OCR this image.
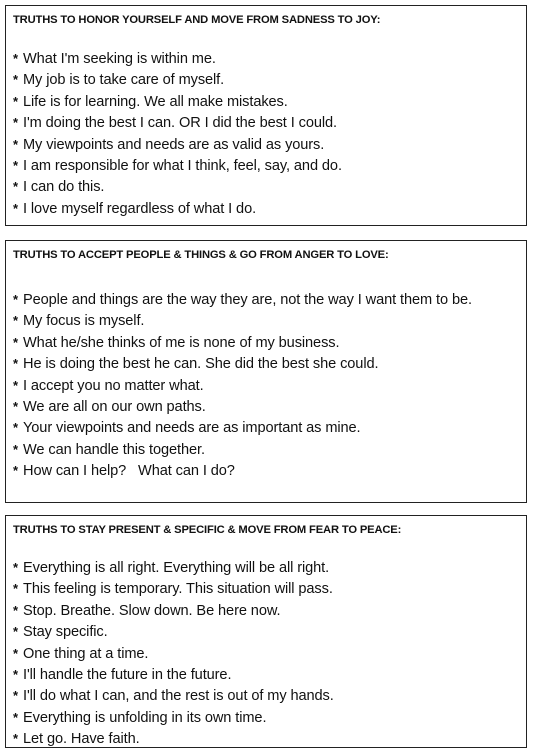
TRUTHS TO HONOR YOURSELF AND MOVE FROM SADNESS TO JOY:
* What I'm seeking is within me.
* My job is to take care of myself.
* Life is for learning. We all make mistakes.
* I'm doing the best I can. OR I did the best I could.
* My viewpoints and needs are as valid as yours.
* I am responsible for what I think, feel, say, and do.
* I can do this.
* I love myself regardless of what I do.
TRUTHS TO ACCEPT PEOPLE & THINGS & GO FROM ANGER TO LOVE:
* People and things are the way they are, not the way I want them to be.
* My focus is myself.
* What he/she thinks of me is none of my business.
* He is doing the best he can. She did the best she could.
* I accept you no matter what.
* We are all on our own paths.
* Your viewpoints and needs are as important as mine.
* We can handle this together.
* How can I help?   What can I do?
TRUTHS TO STAY PRESENT & SPECIFIC & MOVE FROM FEAR TO PEACE:
* Everything is all right. Everything will be all right.
* This feeling is temporary. This situation will pass.
* Stop. Breathe. Slow down. Be here now.
* Stay specific.
* One thing at a time.
* I'll handle the future in the future.
* I'll do what I can, and the rest is out of my hands.
* Everything is unfolding in its own time.
* Let go. Have faith.
